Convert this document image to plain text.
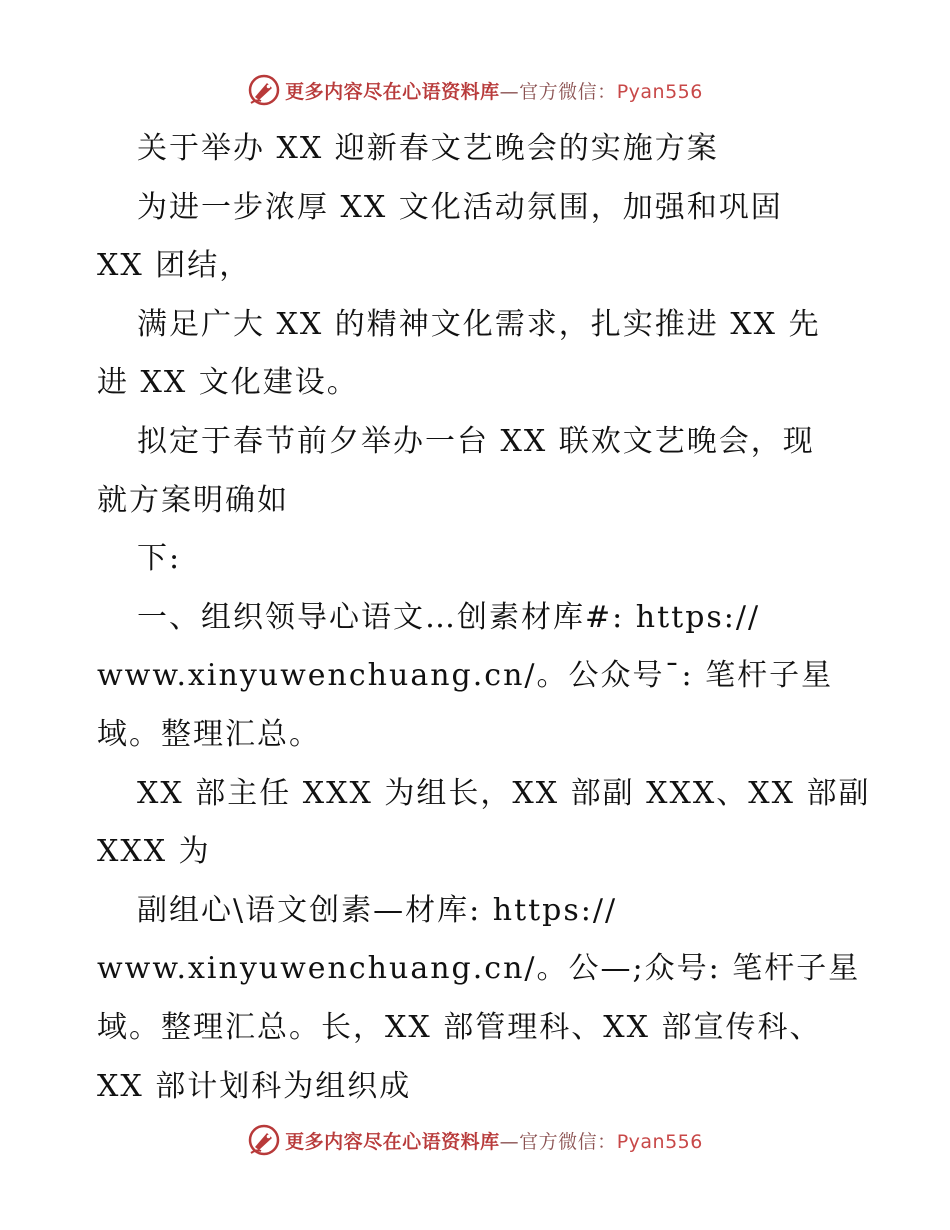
更多内容尽在心语资料库—官方微信：Pyan556
关于举办 XX 迎新春文艺晚会的实施方案
为进一步浓厚 XX 文化活动氛围，加强和巩固
XX 团结，
满足广大 XX 的精神文化需求，扎实推进 XX 先
进 XX 文化建设。
拟定于春节前夕举办一台 XX 联欢文艺晚会，现
就方案明确如
下:
一、组织领导心语文…创素材库#: https://
www.xinyuwenchuang.cn/。公众号¯: 笔杆子星
域。整理汇总。
XX 部主任 XXX 为组长，XX 部副 XXX、XX 部副
XXX 为
副组心\语文创素—材库: https://
www.xinyuwenchuang.cn/。公—;众号: 笔杆子星
域。整理汇总。长，XX 部管理科、XX 部宣传科、
XX 部计划科为组织成
更多内容尽在心语资料库—官方微信：Pyan556
